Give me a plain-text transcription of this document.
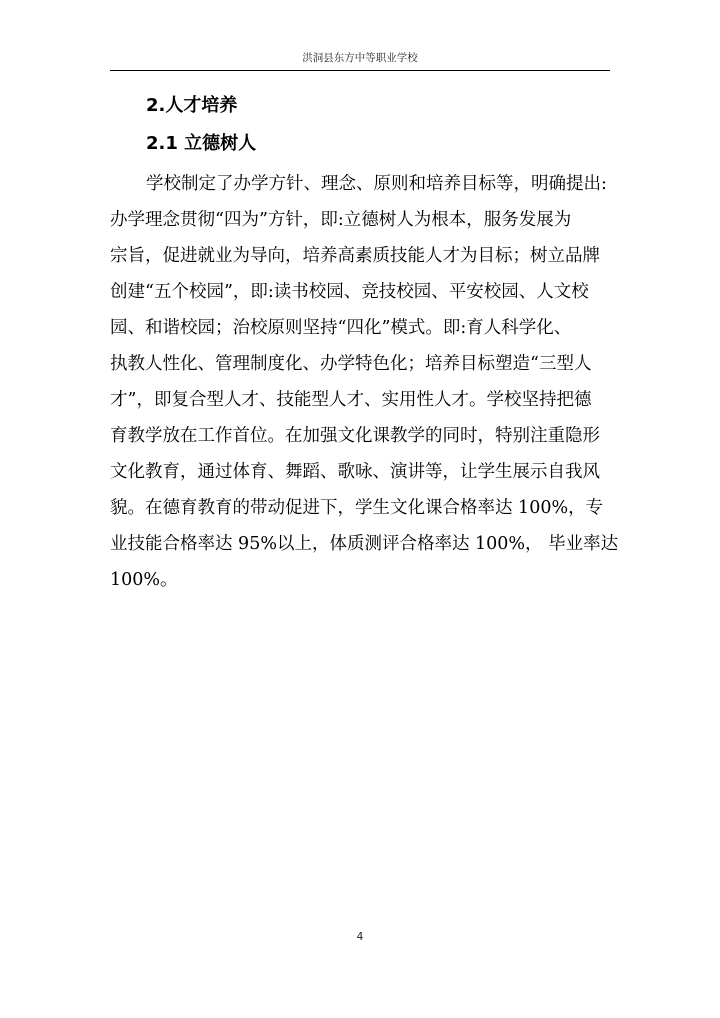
洪洞县东方中等职业学校
2.人才培养
2.1 立德树人
学校制定了办学方针、理念、原则和培养目标等，明确提出:
办学理念贯彻“四为”方针，即:立德树人为根本，服务发展为
宗旨，促进就业为导向，培养高素质技能人才为目标；树立品牌
创建“五个校园”，即:读书校园、竞技校园、平安校园、人文校
园、和谐校园；治校原则坚持“四化”模式。即:育人科学化、
执教人性化、管理制度化、办学特色化；培养目标塑造“三型人
才”，即复合型人才、技能型人才、实用性人才。学校坚持把德
育教学放在工作首位。在加强文化课教学的同时，特别注重隐形
文化教育，通过体育、舞蹈、歌咏、演讲等，让学生展示自我风
貌。在德育教育的带动促进下，学生文化课合格率达 100%，专
业技能合格率达 95%以上，体质测评合格率达 100%， 毕业率达
100%。
4
